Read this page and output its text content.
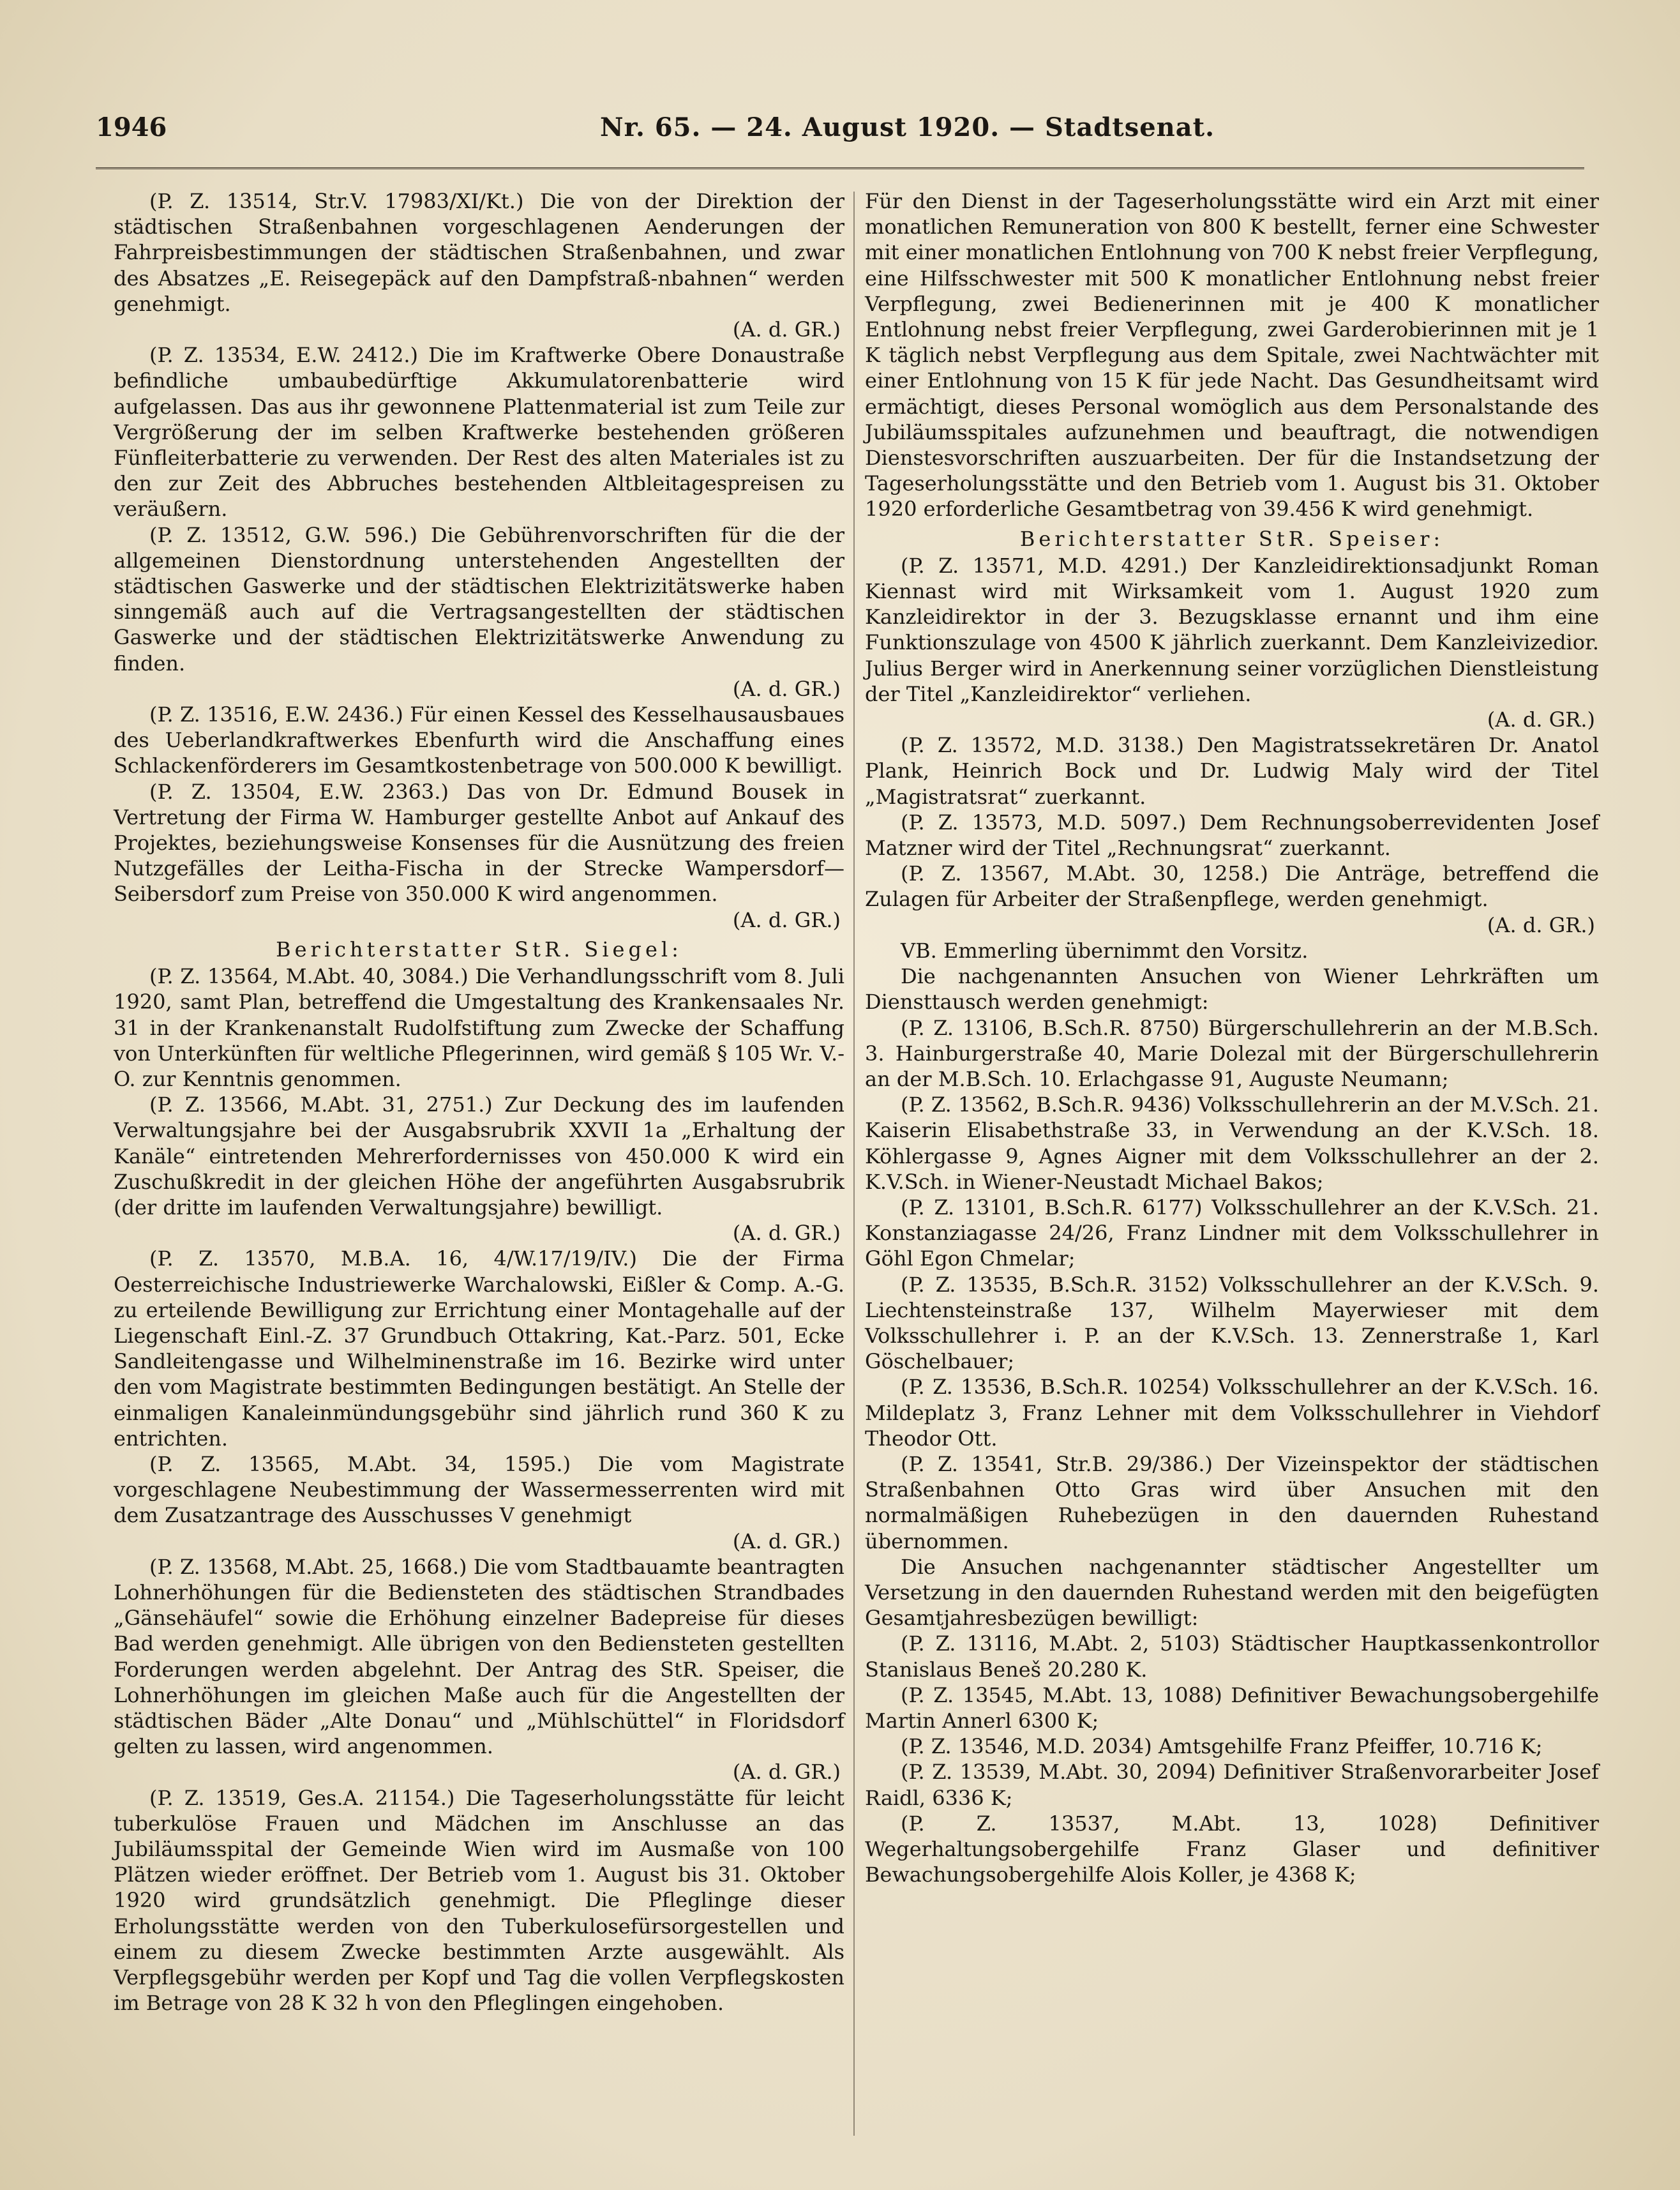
1946	Nr. 65. — 24. August 1920. — Stadtsenat.

(P. Z. 13514, Str.V. 17983/XI/Kt.) Die von der Direktion der städtischen Straßenbahnen vorgeschlagenen Aenderungen der Fahrpreisbestimmungen der städtischen Straßenbahnen, und zwar des Absatzes „E. Reisegepäck auf den Dampfstraß-nbahnen“ werden genehmigt.

(A. d. GR.)

(P. Z. 13534, E.W. 2412.) Die im Kraftwerke Obere Donaustraße befindliche umbaubedürftige Akkumulatorenbatterie wird aufgelassen. Das aus ihr gewonnene Plattenmaterial ist zum Teile zur Vergrößerung der im selben Kraftwerke bestehenden größeren Fünfleiterbatterie zu verwenden. Der Rest des alten Materiales ist zu den zur Zeit des Abbruches bestehenden Altbleitagespreisen zu veräußern.

(P. Z. 13512, G.W. 596.) Die Gebührenvorschriften für die der allgemeinen Dienstordnung unterstehenden Angestellten der städtischen Gaswerke und der städtischen Elektrizitätswerke haben sinngemäß auch auf die Vertragsangestellten der städtischen Gaswerke und der städtischen Elektrizitätswerke Anwendung zu finden.

(A. d. GR.)

(P. Z. 13516, E.W. 2436.) Für einen Kessel des Kesselhausausbaues des Ueberlandkraftwerkes Ebenfurth wird die Anschaffung eines Schlackenförderers im Gesamtkostenbetrage von 500.000 K bewilligt.

(P. Z. 13504, E.W. 2363.) Das von Dr. Edmund Bousek in Vertretung der Firma W. Hamburger gestellte Anbot auf Ankauf des Projektes, beziehungsweise Konsenses für die Ausnützung des freien Nutzgefälles der Leitha-Fischa in der Strecke Wampersdorf—Seibersdorf zum Preise von 350.000 K wird angenommen.

(A. d. GR.)

Berichterstatter StR. Siegel:

(P. Z. 13564, M.Abt. 40, 3084.) Die Verhandlungsschrift vom 8. Juli 1920, samt Plan, betreffend die Umgestaltung des Krankensaales Nr. 31 in der Krankenanstalt Rudolfstiftung zum Zwecke der Schaffung von Unterkünften für weltliche Pflegerinnen, wird gemäß § 105 Wr. V.-O. zur Kenntnis genommen.

(P. Z. 13566, M.Abt. 31, 2751.) Zur Deckung des im laufenden Verwaltungsjahre bei der Ausgabsrubrik XXVII 1a „Erhaltung der Kanäle“ eintretenden Mehrerfordernisses von 450.000 K wird ein Zuschußkredit in der gleichen Höhe der angeführten Ausgabsrubrik (der dritte im laufenden Verwaltungsjahre) bewilligt.

(A. d. GR.)

(P. Z. 13570, M.B.A. 16, 4/W.17/19/IV.) Die der Firma Oesterreichische Industriewerke Warchalowski, Eißler & Comp. A.-G. zu erteilende Bewilligung zur Errichtung einer Montagehalle auf der Liegenschaft Einl.-Z. 37 Grundbuch Ottakring, Kat.-Parz. 501, Ecke Sandleitengasse und Wilhelminenstraße im 16. Bezirke wird unter den vom Magistrate bestimmten Bedingungen bestätigt. An Stelle der einmaligen Kanaleinmündungsgebühr sind jährlich rund 360 K zu entrichten.

(P. Z. 13565, M.Abt. 34, 1595.) Die vom Magistrate vorgeschlagene Neubestimmung der Wassermesserrenten wird mit dem Zusatzantrage des Ausschusses V genehmigt

(A. d. GR.)

(P. Z. 13568, M.Abt. 25, 1668.) Die vom Stadtbauamte beantragten Lohnerhöhungen für die Bediensteten des städtischen Strandbades „Gänsehäufel“ sowie die Erhöhung einzelner Badepreise für dieses Bad werden genehmigt. Alle übrigen von den Bediensteten gestellten Forderungen werden abgelehnt. Der Antrag des StR. Speiser, die Lohnerhöhungen im gleichen Maße auch für die Angestellten der städtischen Bäder „Alte Donau“ und „Mühlschüttel“ in Floridsdorf gelten zu lassen, wird angenommen.

(A. d. GR.)

(P. Z. 13519, Ges.A. 21154.) Die Tageserholungsstätte für leicht tuberkulöse Frauen und Mädchen im Anschlusse an das Jubiläumsspital der Gemeinde Wien wird im Ausmaße von 100 Plätzen wieder eröffnet. Der Betrieb vom 1. August bis 31. Oktober 1920 wird grundsätzlich genehmigt. Die Pfleglinge dieser Erholungsstätte werden von den Tuberkulosefürsorgestellen und einem zu diesem Zwecke bestimmten Arzte ausgewählt. Als Verpflegsgebühr werden per Kopf und Tag die vollen Verpflegskosten im Betrage von 28 K 32 h von den Pfleglingen eingehoben.

Für den Dienst in der Tageserholungsstätte wird ein Arzt mit einer monatlichen Remuneration von 800 K bestellt, ferner eine Schwester mit einer monatlichen Entlohnung von 700 K nebst freier Verpflegung, eine Hilfsschwester mit 500 K monatlicher Entlohnung nebst freier Verpflegung, zwei Bedienerinnen mit je 400 K monatlicher Entlohnung nebst freier Verpflegung, zwei Garderobierinnen mit je 1 K täglich nebst Verpflegung aus dem Spitale, zwei Nachtwächter mit einer Entlohnung von 15 K für jede Nacht. Das Gesundheitsamt wird ermächtigt, dieses Personal womöglich aus dem Personalstande des Jubiläumsspitales aufzunehmen und beauftragt, die notwendigen Dienstesvorschriften auszuarbeiten. Der für die Instandsetzung der Tageserholungsstätte und den Betrieb vom 1. August bis 31. Oktober 1920 erforderliche Gesamtbetrag von 39.456 K wird genehmigt.

Berichterstatter StR. Speiser:

(P. Z. 13571, M.D. 4291.) Der Kanzleidirektionsadjunkt Roman Kiennast wird mit Wirksamkeit vom 1. August 1920 zum Kanzleidirektor in der 3. Bezugsklasse ernannt und ihm eine Funktionszulage von 4500 K jährlich zuerkannt. Dem Kanzleivizedior. Julius Berger wird in Anerkennung seiner vorzüglichen Dienstleistung der Titel „Kanzleidirektor“ verliehen.

(A. d. GR.)

(P. Z. 13572, M.D. 3138.) Den Magistratssekretären Dr. Anatol Plank, Heinrich Bock und Dr. Ludwig Maly wird der Titel „Magistratsrat“ zuerkannt.

(P. Z. 13573, M.D. 5097.) Dem Rechnungsoberrevidenten Josef Matzner wird der Titel „Rechnungsrat“ zuerkannt.

(P. Z. 13567, M.Abt. 30, 1258.) Die Anträge, betreffend die Zulagen für Arbeiter der Straßenpflege, werden genehmigt.

(A. d. GR.)

VB. Emmerling übernimmt den Vorsitz.

Die nachgenannten Ansuchen von Wiener Lehrkräften um Diensttausch werden genehmigt:

(P. Z. 13106, B.Sch.R. 8750) Bürgerschullehrerin an der M.B.Sch. 3. Hainburgerstraße 40, Marie Dolezal mit der Bürgerschullehrerin an der M.B.Sch. 10. Erlachgasse 91, Auguste Neumann;

(P. Z. 13562, B.Sch.R. 9436) Volksschullehrerin an der M.V.Sch. 21. Kaiserin Elisabethstraße 33, in Verwendung an der K.V.Sch. 18. Köhlergasse 9, Agnes Aigner mit dem Volksschullehrer an der 2. K.V.Sch. in Wiener-Neustadt Michael Bakos;

(P. Z. 13101, B.Sch.R. 6177) Volksschullehrer an der K.V.Sch. 21. Konstanziagasse 24/26, Franz Lindner mit dem Volksschullehrer in Göhl Egon Chmelar;

(P. Z. 13535, B.Sch.R. 3152) Volksschullehrer an der K.V.Sch. 9. Liechtensteinstraße 137, Wilhelm Mayerwieser mit dem Volksschullehrer i. P. an der K.V.Sch. 13. Zennerstraße 1, Karl Göschelbauer;

(P. Z. 13536, B.Sch.R. 10254) Volksschullehrer an der K.V.Sch. 16. Mildeplatz 3, Franz Lehner mit dem Volksschullehrer in Viehdorf Theodor Ott.

(P. Z. 13541, Str.B. 29/386.) Der Vizeinspektor der städtischen Straßenbahnen Otto Gras wird über Ansuchen mit den normalmäßigen Ruhebezügen in den dauernden Ruhestand übernommen.

Die Ansuchen nachgenannter städtischer Angestellter um Versetzung in den dauernden Ruhestand werden mit den beigefügten Gesamtjahresbezügen bewilligt:

(P. Z. 13116, M.Abt. 2, 5103) Städtischer Hauptkassenkontrollor Stanislaus Beneš 20.280 K.

(P. Z. 13545, M.Abt. 13, 1088) Definitiver Bewachungsobergehilfe Martin Annerl 6300 K;

(P. Z. 13546, M.D. 2034) Amtsgehilfe Franz Pfeiffer, 10.716 K;

(P. Z. 13539, M.Abt. 30, 2094) Definitiver Straßenvorarbeiter Josef Raidl, 6336 K;

(P. Z. 13537, M.Abt. 13, 1028) Definitiver Wegerhaltungsobergehilfe Franz Glaser und definitiver Bewachungsobergehilfe Alois Koller, je 4368 K;
